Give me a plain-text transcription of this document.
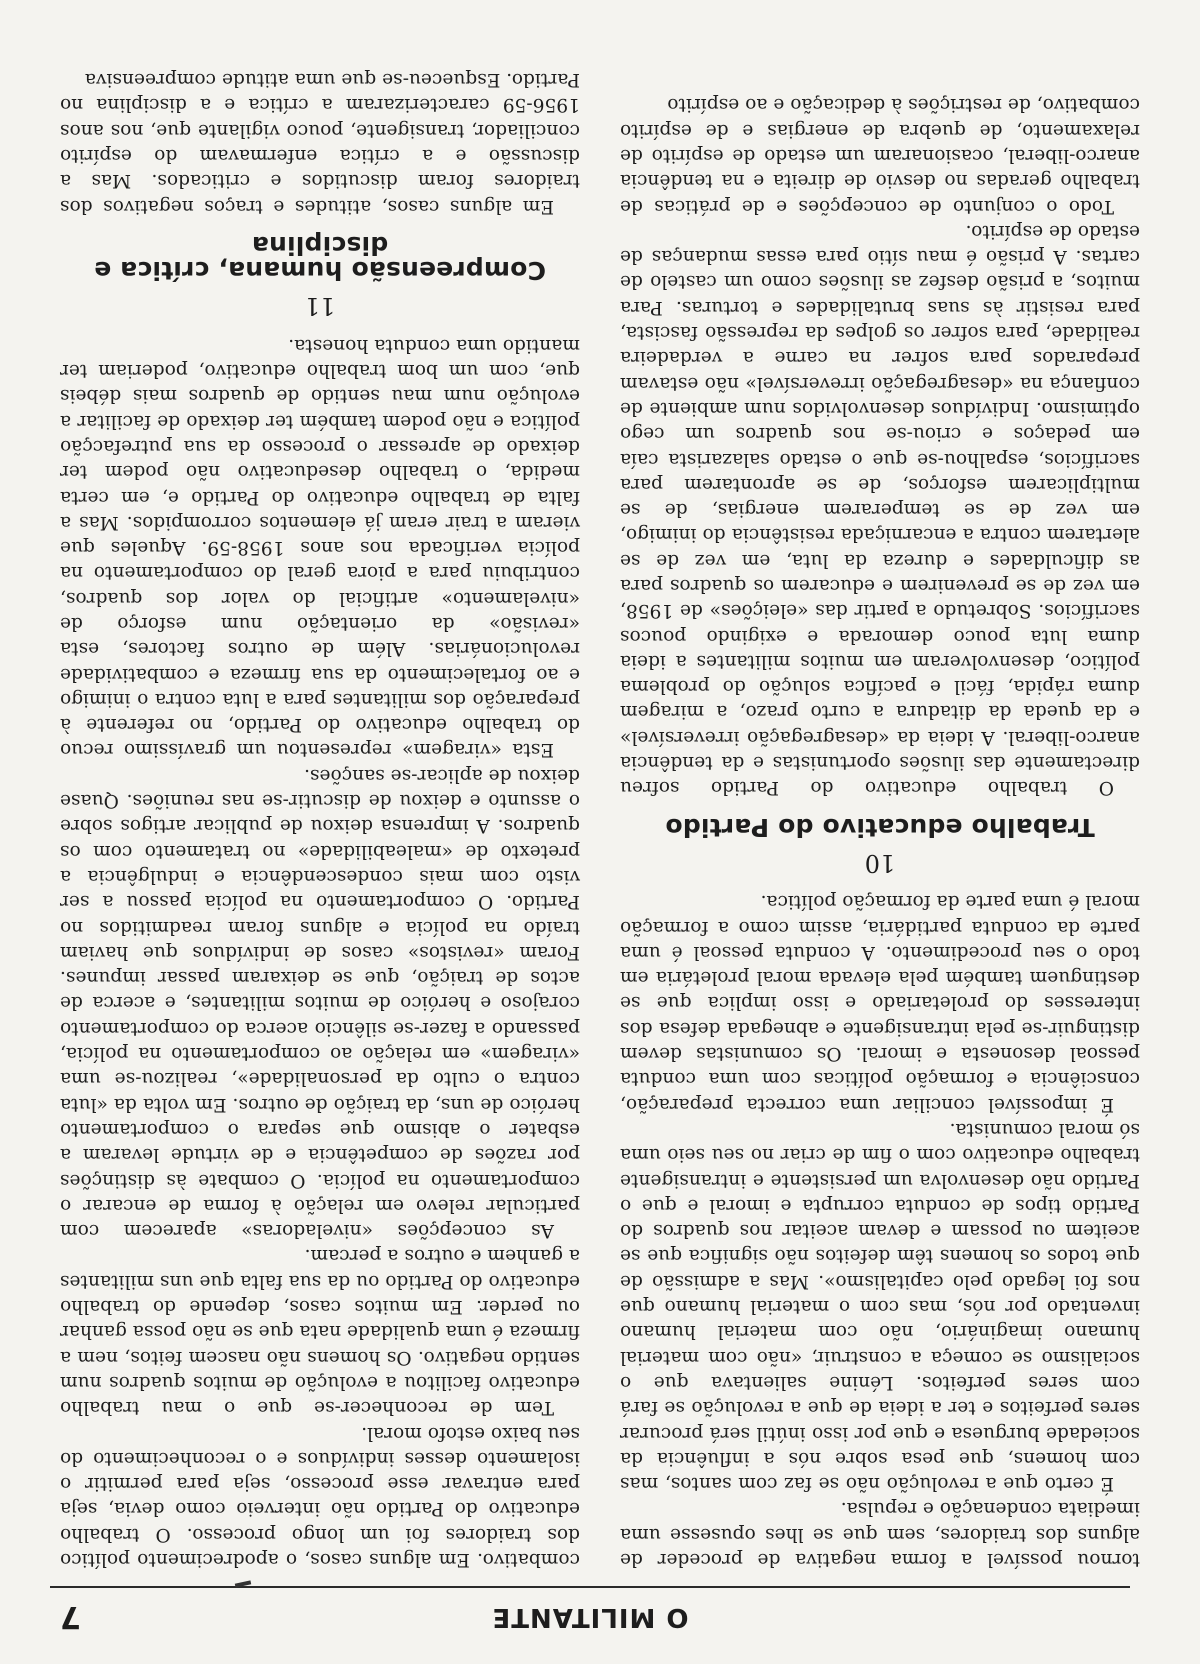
O MILITANTE
7

tornou possível a forma negativa de proceder de alguns dos traidores, sem que se lhes opusesse uma imediata condenação e repulsa.

É certo que a revolução não se faz com santos, mas com homens, que pesa sobre nós a influência da sociedade burguesa e que por isso inútil será procurar seres perfeitos e ter a ideia de que a revolução se fará com seres perfeitos. Lénine salientava que o socialismo se começa a construir, «não com material humano imaginário, não com material humano inventado por nós, mas com o material humano que nos foi legado pelo capitalismo». Mas a admissão de que todos os homens têm defeitos não significa que se aceitem ou possam e devam aceitar nos quadros do Partido tipos de conduta corrupta e imoral e que o Partido não desenvolva um persistente e intransigente trabalho educativo com o fim de criar no seu seio uma só moral comunista.

É impossível conciliar uma correcta preparação, consciência e formação políticas com uma conduta pessoal desonesta e imoral. Os comunistas devem distinguir-se pela intransigente e abnegada defesa dos interesses do proletariado e isso implica que se destinguem também pela elevada moral proletária em todo o seu procedimento. A conduta pessoal é uma parte da conduta partidária, assim como a formação moral é uma parte da formação política.

10
Trabalho educativo do Partido

O trabalho educativo do Partido sofreu directamente das ilusões oportunistas e da tendência anarco-liberal. A ideia da «desagregação irreversível» e da queda da ditadura a curto prazo, a miragem duma rápida, fácil e pacífica solução do problema político, desenvolveram em muitos militantes a ideia duma luta pouco demorada e exigindo poucos sacrifícios. Sobretudo a partir das «eleições» de 1958, em vez de se prevenirem e educarem os quadros para as dificuldades e dureza da luta, em vez de se alertarem contra a encarniçada resistência do inimigo, em vez de se temperarem energias, de se multiplicarem esforços, de se aprontarem para sacrifícios, espalhou-se que o estado salazarista caía em pedaços e criou-se nos quadros um cego optimismo. Indivíduos desenvolvidos num ambiente de confiança na «desagregação irreversível» não estavam preparados para sofrer na carne a verdadeira realidade, para sofrer os golpes da repressão fascista, para resistir às suas brutalidades e torturas. Para muitos, a prisão desfez as ilusões como um castelo de cartas. A prisão é mau sítio para essas mudanças de estado de espírito.

Todo o conjunto de concepções e de práticas de trabalho geradas no desvio de direita e na tendência anarco-liberal, ocasionaram um estado de espírito de relaxamento, de quebra de energias e de espírito combativo, de restrições à dedicação e ao espírito

combativo. Em alguns casos, o apodrecimento político dos traidores foi um longo processo. O trabalho educativo do Partido não interveio como devia, seja para entravar esse processo, seja para permitir o isolamento desses indivíduos e o reconhecimento do seu baixo estofo moral.

Tem de reconhecer-se que o mau trabalho educativo facilitou a evolução de muitos quadros num sentido negativo. Os homens não nascem feitos, nem a firmeza é uma qualidade nata que se não possa ganhar ou perder. Em muitos casos, depende do trabalho educativo do Partido ou da sua falta que uns militantes a ganhem e outros a percam.

As concepções «niveladoras» aparecem com particular relevo em relação à forma de encarar o comportamento na polícia. O combate às distinções por razões de competência e de virtude levaram a esbater o abismo que separa o comportamento heróico de uns, da traição de outros. Em volta da «luta contra o culto da personalidade», realizou-se uma «viragem» em relação ao comportamento na polícia, passando a fazer-se silêncio acerca do comportamento corajoso e heróico de muitos militantes, e acerca de actos de traição, que se deixaram passar impunes. Foram «revistos» casos de indivíduos que haviam traído na polícia e alguns foram readmitidos no Partido. O comportamento na polícia passou a ser visto com mais condescendência e indulgência a pretexto de «maleabilidade» no tratamento com os quadros. A imprensa deixou de publicar artigos sobre o assunto e deixou de discutir-se nas reuniões. Quase deixou de aplicar-se sanções.

Esta «viragem» representou um gravíssimo recuo do trabalho educativo do Partido, no referente à preparação dos militantes para a luta contra o inimigo e ao fortalecimento da sua firmeza e combatividade revolucionárias. Além de outros factores, esta «revisão» da orientação num esforço de «nivelamento» artificial do valor dos quadros, contribuiu para a piora geral do comportamento na polícia verificada nos anos 1958-59. Aqueles que vieram a trair eram já elementos corrompidos. Mas a falta de trabalho educativo do Partido e, em certa medida, o trabalho deseducativo não podem ter deixado de apressar o processo da sua putrefacção política e não podem também ter deixado de facilitar a evolução num mau sentido de quadros mais débeis que, com um bom trabalho educativo, poderiam ter mantido uma conduta honesta.

11
Compreensão humana, crítica e disciplina

Em alguns casos, atitudes e traços negativos dos traidores foram discutidos e criticados. Mas a discussão e a crítica enfermavam do espírito conciliador, transigente, pouco vigilante que, nos anos 1956-59 caracterizaram a crítica e a disciplina no Partido. Esqueceu-se que uma atitude compreensiva
